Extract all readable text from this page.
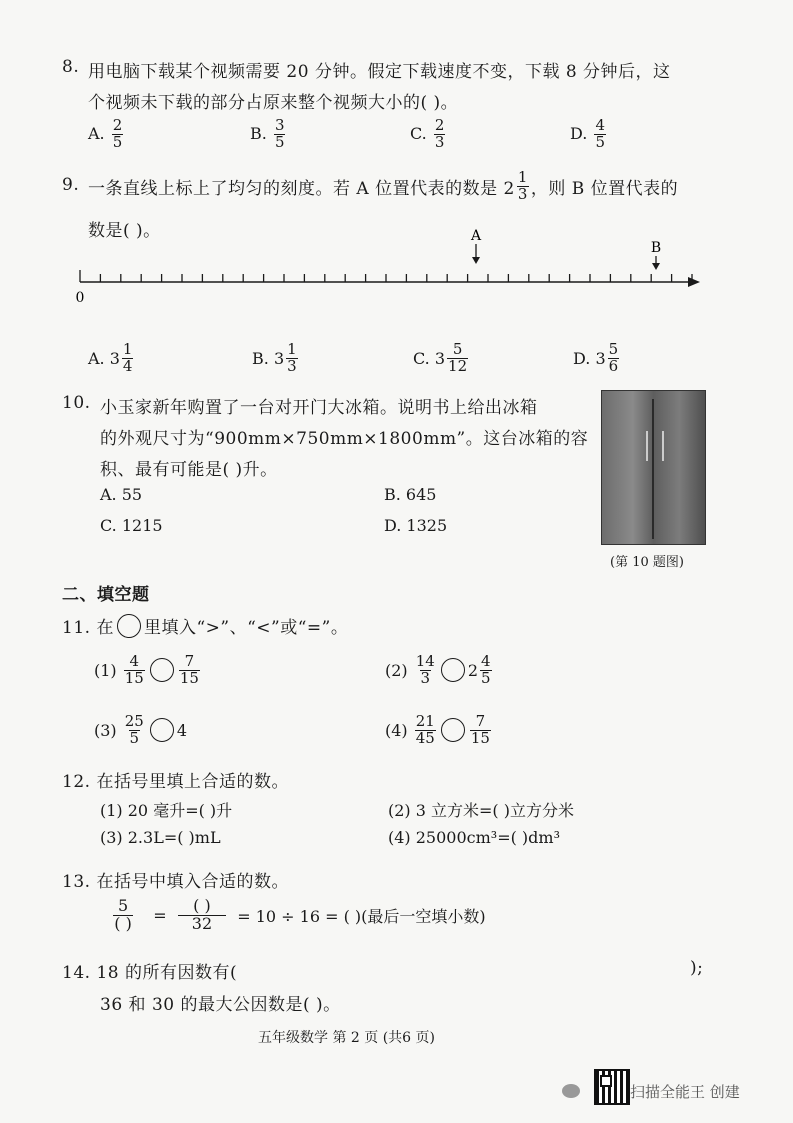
8. 用电脑下载某个视频需要 20 分钟。假定下载速度不变，下载 8 分钟后，这
个视频未下载的部分占原来整个视频大小的( )。
A. $\frac{2}{5}$	B. $\frac{3}{5}$	C. $\frac{2}{3}$	D. $\frac{4}{5}$
9. 一条直线上标上了均匀的刻度。若 A 位置代表的数是 $2 \frac{1}{3}$ ，则 B 位置代表的
数是( )。	A
B
0
A. $3 \frac{1}{4}$	B. $3 \frac{1}{3}$	C. $3 \frac{5}{12}$	D. $3 \frac{5}{6}$
10. 小玉家新年购置了一台对开门大冰箱。说明书上给出冰箱
的外观尺寸为“900mm×750mm×1800mm”。这台冰箱的容
积、最有可能是( )升。
A. 55	B. 645
C. 1215	D. 1325
(第 10 题图)
二、填空题
11. 在 里填入“>”、“<”或“=”。
$(1) \frac{4}{15} \frac{7}{15}$	$(2) \frac{14}{3} 2 \frac{4}{5}$
$(3) \frac{25}{5} 4$	$(4) \frac{21}{45} \frac{7}{15}$
12. 在括号里填上合适的数。
(1) 20 毫升=( )升	(2) 3 立方米=( )立方分米
(3) 2.3L=( )mL	(4) 25000cm³=( )dm³
13. 在括号中填入合适的数。
$\frac{5}{( )} = \frac{( )}{32} = 10 \div 16$ = ( )(最后一空填小数)
14. 18 的所有因数有(	);
36 和 30 的最大公因数是( )。
五年级数学 第 2 页 (共6 页)
扫描全能王 创建
